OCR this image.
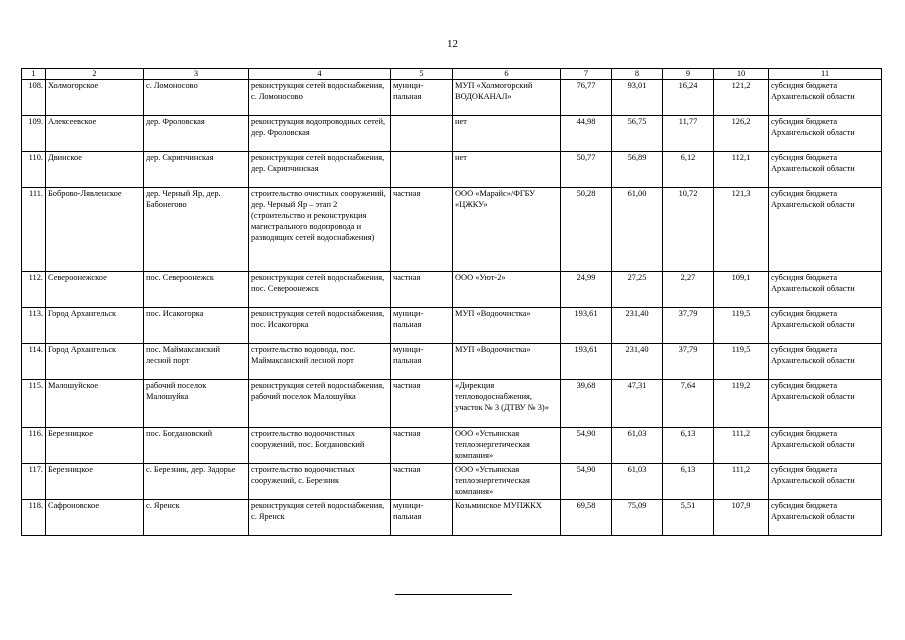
12
1	2	3	4	5	6	7	8	9	10	11
108.	Холмогорское	с. Ломоносово	реконструкция сетей водоснабжения, с. Ломоносово	муници-пальная	МУП «Холмогорский ВОДОКАНАЛ»	76,77	93,01	16,24	121,2	субсидия бюджета Архангельской области
109.	Алексеевское	дер. Фроловская	реконструкция водопроводных сетей, дер. Фроловская		нет	44,98	56,75	11,77	126,2	субсидия бюджета Архангельской области
110.	Двинское	дер. Скрипчинская	реконструкция сетей водоснабжения, дер. Скрипчинская		нет	50,77	56,89	6,12	112,1	субсидия бюджета Архангельской области
111.	Боброво-Лявленское	дер. Черный Яр, дер. Бабонегово	строительство очистных сооружений, дер. Черный Яр – этап 2 (строительство и реконструкция магистрального водопровода и разводящих сетей водоснабжения)	частная	ООО «Марайс»/ФГБУ «ЦЖКУ»	50,28	61,00	10,72	121,3	субсидия бюджета Архангельской области
112.	Североонежское	пос. Североонежск	реконструкция сетей водоснабжения, пос. Североонежск	частная	ООО «Уют-2»	24,99	27,25	2,27	109,1	субсидия бюджета Архангельской области
113.	Город Архангельск	пос. Исакогорка	реконструкция сетей водоснабжения, пос. Исакогорка	муници-пальная	МУП «Водоочистка»	193,61	231,40	37,79	119,5	субсидия бюджета Архангельской области
114.	Город Архангельск	пос. Маймаксанский лесной порт	строительство водовода, пос. Маймаксанский лесной порт	муници-пальная	МУП «Водоочистка»	193,61	231,40	37,79	119,5	субсидия бюджета Архангельской области
115.	Малошуйское	рабочий поселок Малошуйка	реконструкция сетей водоснабжения, рабочий поселок Малошуйка	частная	«Дирекция тепловодоснабжения, участок № 3 (ДТВУ № 3)»	39,68	47,31	7,64	119,2	субсидия бюджета Архангельской области
116.	Березницкое	пос. Богдановский	строительство водоочистных сооружений, пос. Богдановский	частная	ООО «Устьянская теплоэнергетическая компания»	54,90	61,03	6,13	111,2	субсидия бюджета Архангельской области
117.	Березницкое	с. Березник, дер. Задорье	строительство водоочистных сооружений, с. Березник	частная	ООО «Устьянская теплоэнергетическая компания»	54,90	61,03	6,13	111,2	субсидия бюджета Архангельской области
118.	Сафроновское	с. Яренск	реконструкция сетей водоснабжения, с. Яренск	муници-пальная	Козьминское МУПЖКХ	69,58	75,09	5,51	107,9	субсидия бюджета Архангельской области
